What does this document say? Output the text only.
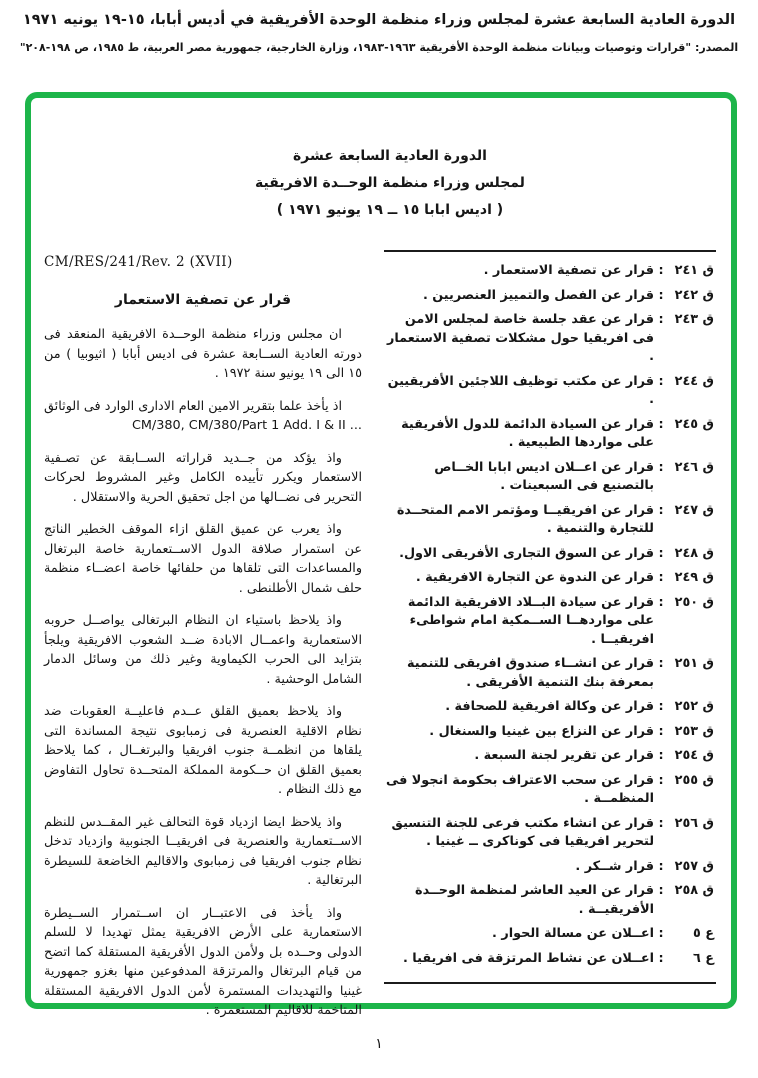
الدورة العادية السابعة عشرة لمجلس وزراء منظمة الوحدة الأفريقية في أديس أبابا، ١٥-١٩ يونيه ١٩٧١
المصدر: "قرارات وتوصيات وبيانات منظمة الوحدة الأفريقية ١٩٦٣-١٩٨٣، وزارة الخارجية، جمهورية مصر العربية، ط ١٩٨٥، ص ١٩٨-٢٠٨"
الدورة العادية السابعة عشرة
لمجلس وزراء منظمة الوحــدة الافريقية
( اديس ابابا ١٥ ــ ١٩ يونيو ١٩٧١ )
CM/RES/241/Rev. 2 (XVII)
قرار عن تصفية الاستعمار

ان مجلس وزراء منظمة الوحــدة الافريقية المنعقد فى دورته العادية الســابعة عشرة فى اديس أبابا ( اثيوبيا ) من ١٥ الى ١٩ يونيو سنة ١٩٧٢ .

اذ يأخذ علما بتقرير الامين العام الادارى الوارد فى الوثائق ... CM/380, CM/380/Part 1 Add. I & II

واذ يؤكد من جــديد قراراته الســابقة عن تصـفية الاستعمار ويكرر تأييده الكامل وغير المشروط لحركات التحرير فى نضــالها من اجل تحقيق الحرية والاستقلال .

واذ يعرب عن عميق القلق ازاء الموقف الخطير الناتج عن استمرار صلافة الدول الاســتعمارية خاصة البرتغال والمساعدات التى تلقاها من حلفائها خاصة اعضــاء منظمة حلف شمال الأطلنطى .

واذ يلاحظ باستياء ان النظام البرتغالى يواصــل حروبه الاستعمارية واعمــال الابادة ضــد الشعوب الافريقية ويلجأ بتزايد الى الحرب الكيماوية وغير ذلك من وسائل الدمار الشامل الوحشية .

واذ يلاحظ بعميق القلق عــدم فاعليــة العقوبات ضد نظام الاقلية العنصرية فى زمبابوى نتيجة المساندة التى يلقاها من انظمــة جنوب افريقيا والبرتغــال ، كما يلاحظ بعميق القلق ان حــكومة المملكة المتحــدة تحاول التفاوض مع ذلك النظام .

واذ يلاحظ ايضا ازدياد قوة التحالف غير المقــدس للنظم الاســتعمارية والعنصرية فى افريقيــا الجنوبية وازدياد تدخل نظام جنوب افريقيا فى زمبابوى والاقاليم الخاضعة للسيطرة البرتغالية .

واذ يأخذ فى الاعتبــار ان اســتمرار الســيطرة الاستعمارية على الأرض الافريقية يمثل تهديدا لا للسلم الدولى وحــده بل ولأمن الدول الأفريقية المستقلة كما اتضح من قيام البرتغال والمرتزقة المدفوعين منها بغزو جمهورية غينيا والتهديدات المستمرة لأمن الدول الافريقية المستقلة المتاخمة للاقاليم المستعمرة .

ق ٢٤١
:
قرار عن تصفية الاستعمار .
ق ٢٤٢
:
قرار عن الفصل والتمييز العنصريين .
ق ٢٤٣
:
قرار عن عقد جلسة خاصة لمجلس الامن فى افريقيا حول مشكلات تصفية الاستعمار .
ق ٢٤٤
:
قرار عن مكتب توظيف اللاجئين الأفريقيين .
ق ٢٤٥
:
قرار عن السيادة الدائمة للدول الأفريقية على مواردها الطبيعية .
ق ٢٤٦
:
قرار عن اعــلان اديس ابابا الخــاص بالتصنيع فى السبعينات .
ق ٢٤٧
:
قرار عن افريقيــا ومؤتمر الامم المتحــدة للتجارة والتنمية .
ق ٢٤٨
:
قرار عن السوق التجارى الأفريقى الاول.
ق ٢٤٩
:
قرار عن الندوة عن التجارة الافريقية .
ق ٢٥٠
:
قرار عن سيادة البــلاد الافريقية الدائمة على مواردهــا الســمكية امام شواطىء افريقيــا .
ق ٢٥١
:
قرار عن انشــاء صندوق افريقى للتنمية بمعرفة بنك التنمية الأفريقى .
ق ٢٥٢
:
قرار عن وكالة افريقية للصحافة .
ق ٢٥٣
:
قرار عن النزاع بين غينيا والسنغال .
ق ٢٥٤
:
قرار عن تقرير لجنة السبعة .
ق ٢٥٥
:
قرار عن سحب الاعتراف بحكومة انجولا فى المنظمــة .
ق ٢٥٦
:
قرار عن انشاء مكتب فرعى للجنة التنسيق لتحرير افريقيا فى كوناكرى ــ غينيا .
ق ٢٥٧
:
قرار شــكر .
ق ٢٥٨
:
قرار عن العيد العاشر لمنظمة الوحــدة الأفريقيــة .
ع ٥
:
اعــلان عن مسالة الحوار .
ع ٦
:
اعــلان عن نشاط المرتزقة فى افريقيا .
١
